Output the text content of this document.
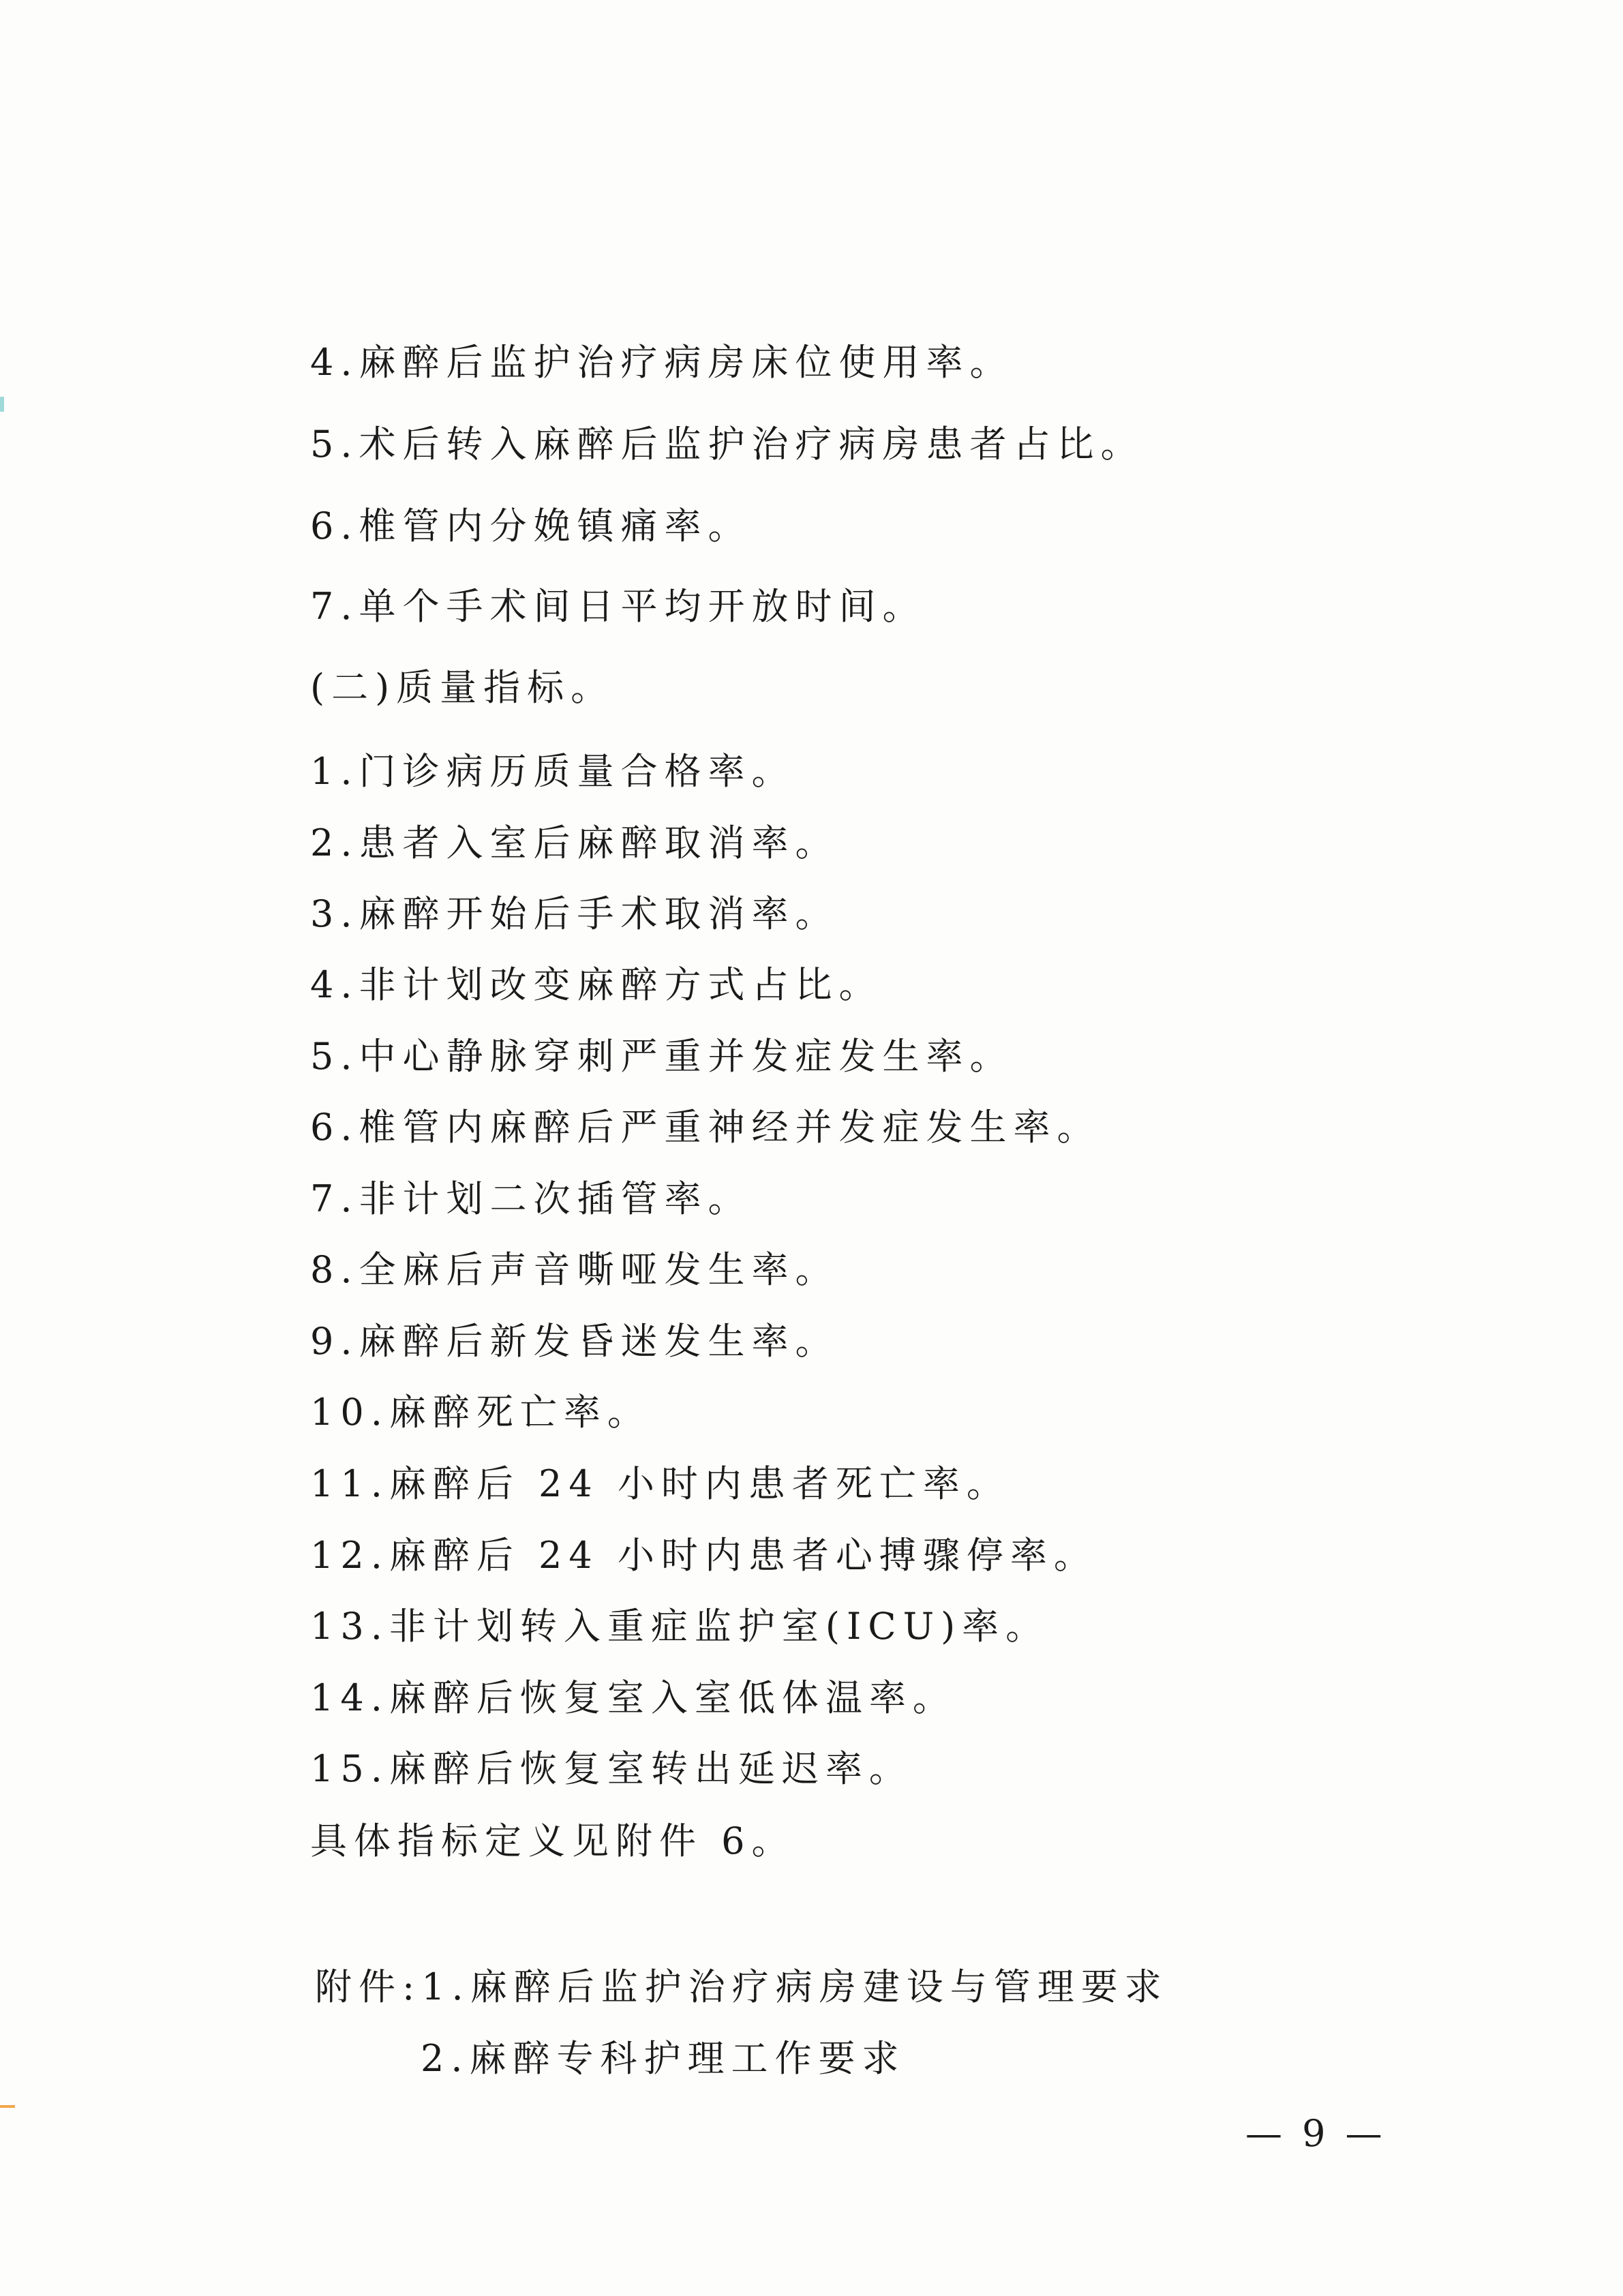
4.麻醉后监护治疗病房床位使用率。
5.术后转入麻醉后监护治疗病房患者占比。
6.椎管内分娩镇痛率。
7.单个手术间日平均开放时间。
(二)质量指标。
1.门诊病历质量合格率。
2.患者入室后麻醉取消率。
3.麻醉开始后手术取消率。
4.非计划改变麻醉方式占比。
5.中心静脉穿刺严重并发症发生率。
6.椎管内麻醉后严重神经并发症发生率。
7.非计划二次插管率。
8.全麻后声音嘶哑发生率。
9.麻醉后新发昏迷发生率。
10.麻醉死亡率。
11.麻醉后 24 小时内患者死亡率。
12.麻醉后 24 小时内患者心搏骤停率。
13.非计划转入重症监护室(ICU)率。
14.麻醉后恢复室入室低体温率。
15.麻醉后恢复室转出延迟率。
具体指标定义见附件 6。
附件:1.麻醉后监护治疗病房建设与管理要求
2.麻醉专科护理工作要求
— 9 —
